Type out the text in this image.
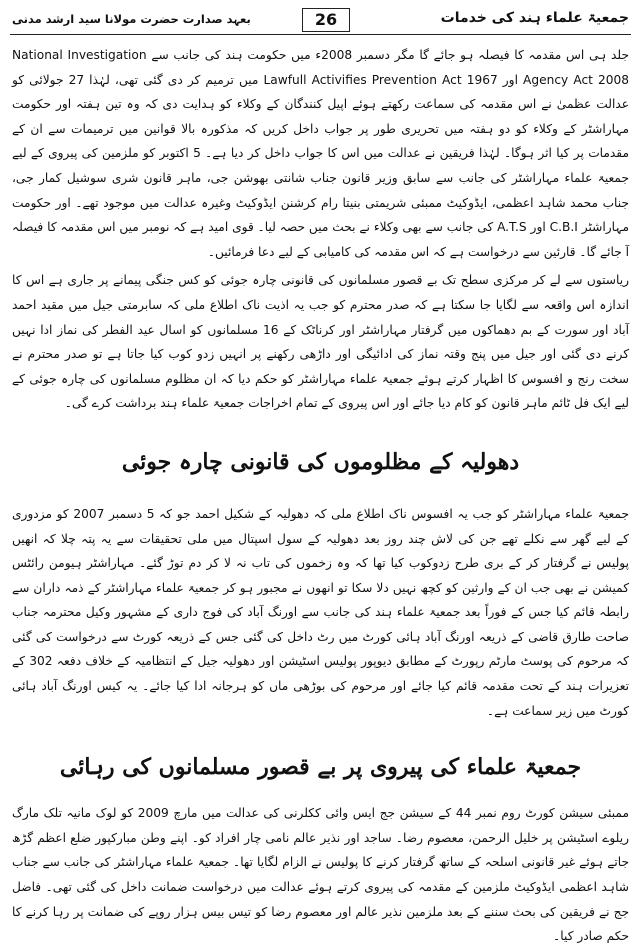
بعہد صدارت حضرت مولانا سید ارشد مدنی	26	جمعیۃ علماء ہند کی خدمات

جلد ہی اس مقدمہ کا فیصلہ ہو جائے گا مگر دسمبر 2008ء میں حکومت ہند کی جانب سے National Investigation Agency Act 2008 اور Lawfull Activifies Prevention Act 1967 میں ترمیم کر دی گئی تھی، لہٰذا 27 جولائی کو عدالت عظمیٰ نے اس مقدمہ کی سماعت رکھتے ہوئے اپیل کنندگان کے وکلاء کو ہدایت دی کہ وہ تین ہفتہ اور حکومت مہاراشٹر کے وکلاء کو دو ہفتہ میں تحریری طور پر جواب داخل کریں کہ مذکورہ بالا قوانین میں ترمیمات سے ان کے مقدمات پر کیا اثر ہوگا۔ لہٰذا فریقین نے عدالت میں اس کا جواب داخل کر دیا ہے۔ 5 اکتوبر کو ملزمین کی پیروی کے لیے جمعیۃ علماء مہاراشٹر کی جانب سے سابق وزیر قانون جناب شانتی بھوشن جی، ماہر قانون شری سوشیل کمار جی، جناب محمد شاہد اعظمی، ایڈوکیٹ ممبئی شریمتی بنیتا رام کرشنن ایڈوکیٹ وغیرہ عدالت میں موجود تھے۔ اور حکومت مہاراشٹر C.B.I اور A.T.S کی جانب سے بھی وکلاء نے بحث میں حصہ لیا۔ قوی امید ہے کہ نومبر میں اس مقدمہ کا فیصلہ آ جائے گا۔ قارئین سے درخواست ہے کہ اس مقدمہ کی کامیابی کے لیے دعا فرمائیں۔

ریاستوں سے لے کر مرکزی سطح تک بے قصور مسلمانوں کی قانونی چارہ جوئی کو کس جنگی پیمانے پر جاری ہے اس کا اندازہ اس واقعہ سے لگایا جا سکتا ہے کہ صدر محترم کو جب یہ اذیت ناک اطلاع ملی کہ سابرمتی جیل میں مقید احمد آباد اور سورت کے بم دھماکوں میں گرفتار مہاراشٹر اور کرناٹک کے 16 مسلمانوں کو اسال عید الفطر کی نماز ادا نہیں کرنے دی گئی اور جیل میں پنج وقتہ نماز کی ادائیگی اور داڑھی رکھنے پر انہیں زدو کوب کیا جاتا ہے تو صدر محترم نے سخت رنج و افسوس کا اظہار کرتے ہوئے جمعیۃ علماء مہاراشٹر کو حکم دیا کہ ان مظلوم مسلمانوں کی چارہ جوئی کے لیے ایک فل ٹائم ماہر قانون کو کام دیا جائے اور اس پیروی کے تمام اخراجات جمعیۃ علماء ہند برداشت کرے گی۔

دھولیہ کے مظلوموں کی قانونی چارہ جوئی

جمعیۃ علماء مہاراشٹر کو جب یہ افسوس ناک اطلاع ملی کہ دھولیہ کے شکیل احمد جو کہ 5 دسمبر 2007 کو مزدوری کے لیے گھر سے نکلے تھے جن کی لاش چند روز بعد دھولیہ کے سول اسپتال میں ملی تحقیقات سے یہ پتہ چلا کہ انھیں پولیس نے گرفتار کر کے بری طرح زدوکوب کیا تھا کہ وہ زخموں کی تاب نہ لا کر دم توڑ گئے۔ مہاراشٹر ہیومن رائٹس کمیشن نے بھی جب ان کے وارثین کو کچھ نہیں دلا سکا تو انھوں نے مجبور ہو کر جمعیۃ علماء مہاراشٹر کے ذمہ داران سے رابطہ قائم کیا جس کے فوراً بعد جمعیۃ علماء ہند کی جانب سے اورنگ آباد کی فوج داری کے مشہور وکیل محترمہ جناب صاحت طارق قاضی کے ذریعہ اورنگ آباد ہائی کورٹ میں رٹ داخل کی گئی جس کے ذریعہ کورٹ سے درخواست کی گئی کہ مرحوم کی پوسٹ مارٹم رپورٹ کے مطابق دیوپور پولیس اسٹیشن اور دھولیہ جیل کے انتظامیہ کے خلاف دفعہ 302 کے تعزیرات ہند کے تحت مقدمہ قائم کیا جائے اور مرحوم کی بوڑھی ماں کو ہرجانہ ادا کیا جائے۔ یہ کیس اورنگ آباد ہائی کورٹ میں زیر سماعت ہے۔

جمعیۃ علماء کی پیروی پر بے قصور مسلمانوں کی رہائی

ممبئی سیشن کورٹ روم نمبر 44 کے سیشن جج ایس وائی ککلرنی کی عدالت میں مارچ 2009 کو لوک مانیہ تلک مارگ ریلوے اسٹیشن پر خلیل الرحمن، معصوم رضا۔ ساجد اور نذیر عالم نامی چار افراد کو۔ اپنے وطن مبارکپور ضلع اعظم گڑھ جاتے ہوئے غیر قانونی اسلحہ کے ساتھ گرفتار کرنے کا پولیس نے الزام لگایا تھا۔ جمعیۃ علماء مہاراشٹر کی جانب سے جناب شاہد اعظمی ایڈوکیٹ ملزمین کے مقدمہ کی پیروی کرتے ہوئے عدالت میں درخواست ضمانت داخل کی گئی تھی۔ فاضل جج نے فریقین کی بحث سننے کے بعد ملزمین نذیر عالم اور معصوم رضا کو تیس بیس ہزار روپے کی ضمانت پر رہا کرنے کا حکم صادر کیا۔
